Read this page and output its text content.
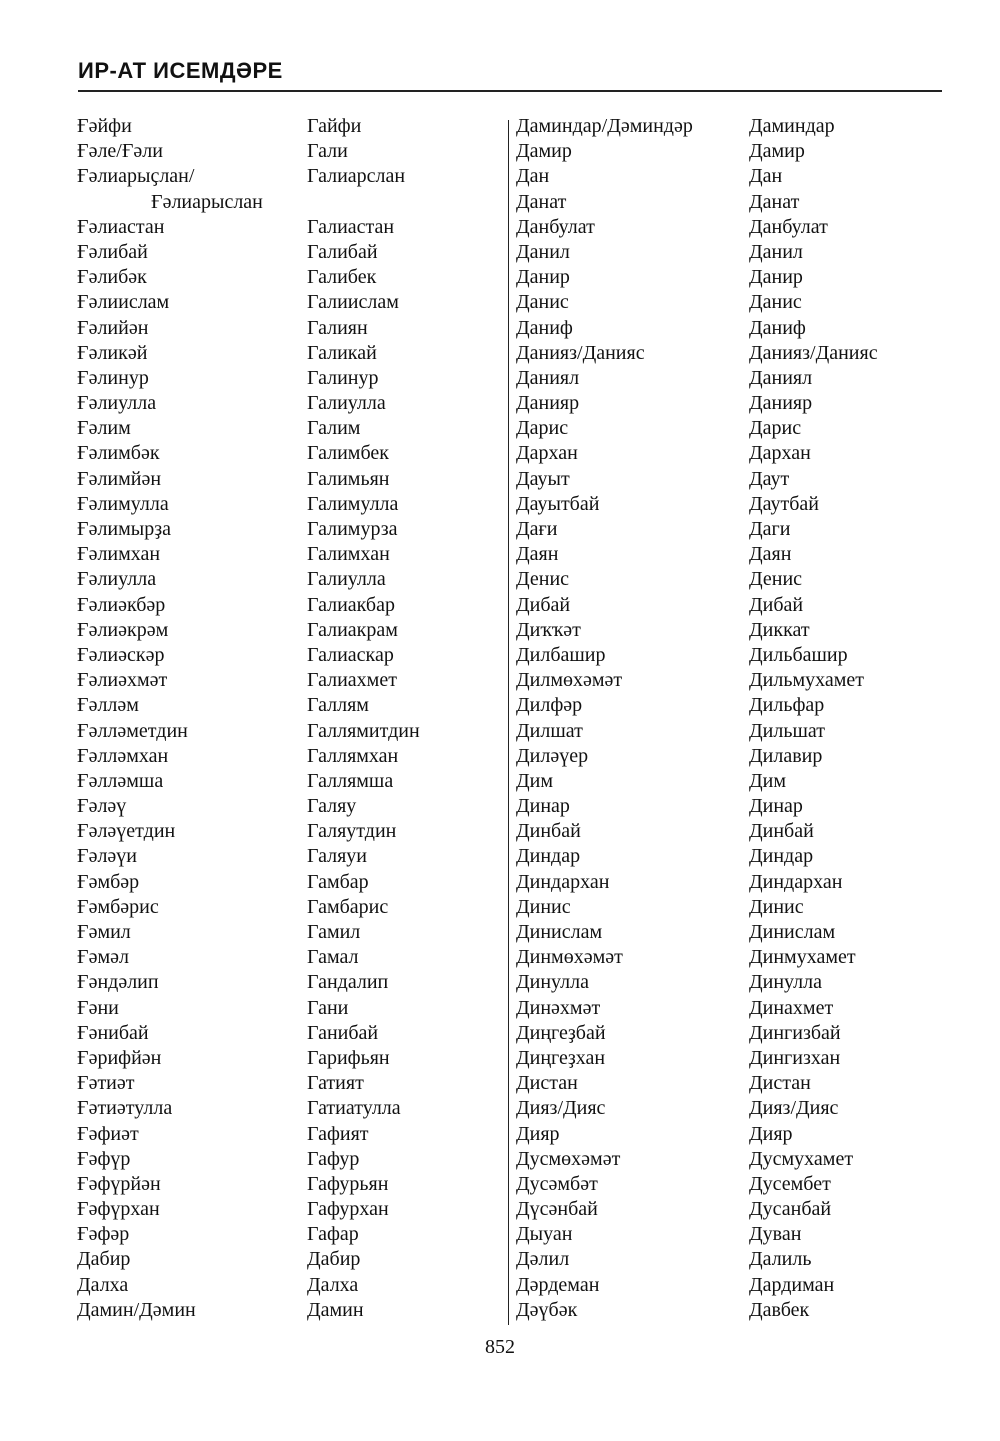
ИР-АТ ИСЕМДӘРЕ
Ғәйфи
Ғәле/Ғәли
Ғәлиарыҫлан/
Ғәлиарыслан
Ғәлиастан
Ғәлибай
Ғәлибәк
Ғәлиислам
Ғәлийән
Ғәликәй
Ғәлинур
Ғәлиулла
Ғәлим
Ғәлимбәк
Ғәлимйән
Ғәлимулла
Ғәлимырҙа
Ғәлимхан
Ғәлиулла
Ғәлиәкбәр
Ғәлиәкрәм
Ғәлиәскәр
Ғәлиәхмәт
Ғәлләм
Ғәлләметдин
Ғәлләмхан
Ғәлләмша
Ғәләү
Ғәләүетдин
Ғәләүи
Ғәмбәр
Ғәмбәрис
Ғәмил
Ғәмәл
Ғәндәлип
Ғәни
Ғәнибай
Ғәрифйән
Ғәтиәт
Ғәтиәтулла
Ғәфиәт
Ғәфүр
Ғәфүрйән
Ғәфүрхан
Ғәфәр
Дабир
Далха
Дамин/Дәмин
Гайфи
Гали
Галиарслан
Галиастан
Галибай
Галибек
Галиислам
Галиян
Галикай
Галинур
Галиулла
Галим
Галимбек
Галимьян
Галимулла
Галимурза
Галимхан
Галиулла
Галиакбар
Галиакрам
Галиаскар
Галиахмет
Галлям
Галлямитдин
Галлямхан
Галлямша
Галяу
Галяутдин
Галяуи
Гамбар
Гамбарис
Гамил
Гамал
Гандалип
Гани
Ганибай
Гарифьян
Гатият
Гатиатулла
Гафият
Гафур
Гафурьян
Гафурхан
Гафар
Дабир
Далха
Дамин
Даминдар/Дәминдәр
Дамир
Дан
Данат
Данбулат
Данил
Данир
Данис
Даниф
Данияз/Данияс
Даниял
Данияр
Дарис
Дархан
Дауыт
Дауытбай
Дағи
Даян
Денис
Дибай
Диҡҡәт
Дилбашир
Дилмөхәмәт
Дилфәр
Дилшат
Диләүер
Дим
Динар
Динбай
Диндар
Диндархан
Динис
Динислам
Динмөхәмәт
Динулла
Динәхмәт
Диңгеҙбай
Диңгеҙхан
Дистан
Дияз/Дияс
Дияр
Дусмөхәмәт
Дусәмбәт
Дүсәнбай
Дыуан
Дәлил
Дәрдеман
Дәүбәк
Даминдар
Дамир
Дан
Данат
Данбулат
Данил
Данир
Данис
Даниф
Данияз/Данияс
Даниял
Данияр
Дарис
Дархан
Даут
Даутбай
Даги
Даян
Денис
Дибай
Диккат
Дильбашир
Дильмухамет
Дильфар
Дильшат
Дилавир
Дим
Динар
Динбай
Диндар
Диндархан
Динис
Динислам
Динмухамет
Динулла
Динахмет
Дингизбай
Дингизхан
Дистан
Дияз/Дияс
Дияр
Дусмухамет
Дусембет
Дусанбай
Дуван
Далиль
Дардиман
Давбек
852
